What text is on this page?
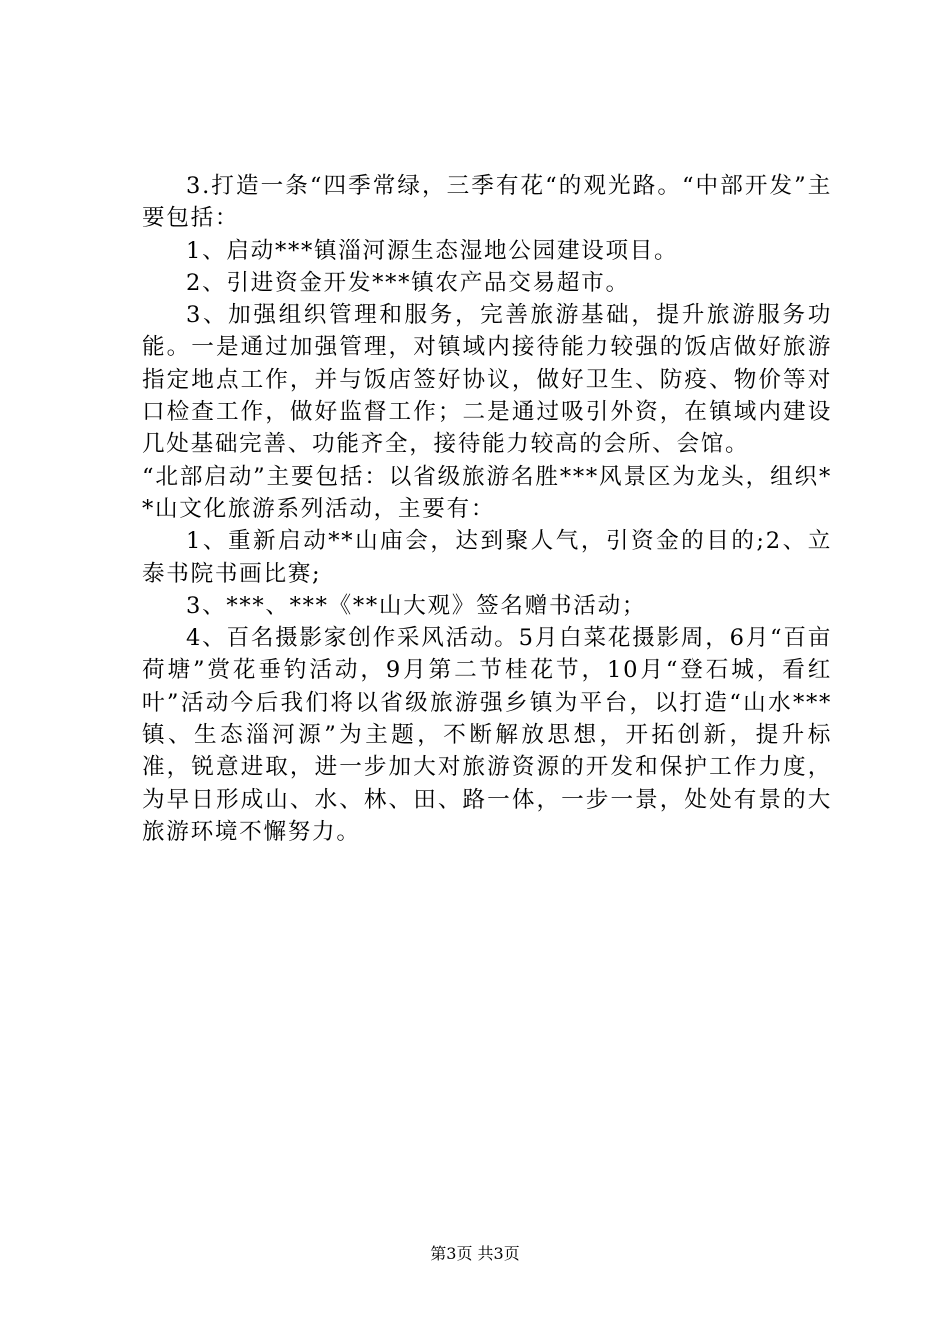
3.打造一条“四季常绿，三季有花“的观光路。“中部开发”主要包括：

1、启动***镇淄河源生态湿地公园建设项目。

2、引进资金开发***镇农产品交易超市。

3、加强组织管理和服务，完善旅游基础，提升旅游服务功能。一是通过加强管理，对镇域内接待能力较强的饭店做好旅游指定地点工作，并与饭店签好协议，做好卫生、防疫、物价等对口检查工作，做好监督工作；二是通过吸引外资，在镇域内建设几处基础完善、功能齐全，接待能力较高的会所、会馆。

“北部启动”主要包括：以省级旅游名胜***风景区为龙头，组织**山文化旅游系列活动，主要有：

1、重新启动**山庙会，达到聚人气，引资金的目的;2、立泰书院书画比赛;

3、***、***《**山大观》签名赠书活动；

4、百名摄影家创作采风活动。5月白菜花摄影周，6月“百亩荷塘”赏花垂钓活动，9月第二节桂花节，10月“登石城，看红叶”活动今后我们将以省级旅游强乡镇为平台，以打造“山水***镇、生态淄河源”为主题，不断解放思想，开拓创新，提升标准，锐意进取，进一步加大对旅游资源的开发和保护工作力度，为早日形成山、水、林、田、路一体，一步一景，处处有景的大旅游环境不懈努力。

第3页 共3页
